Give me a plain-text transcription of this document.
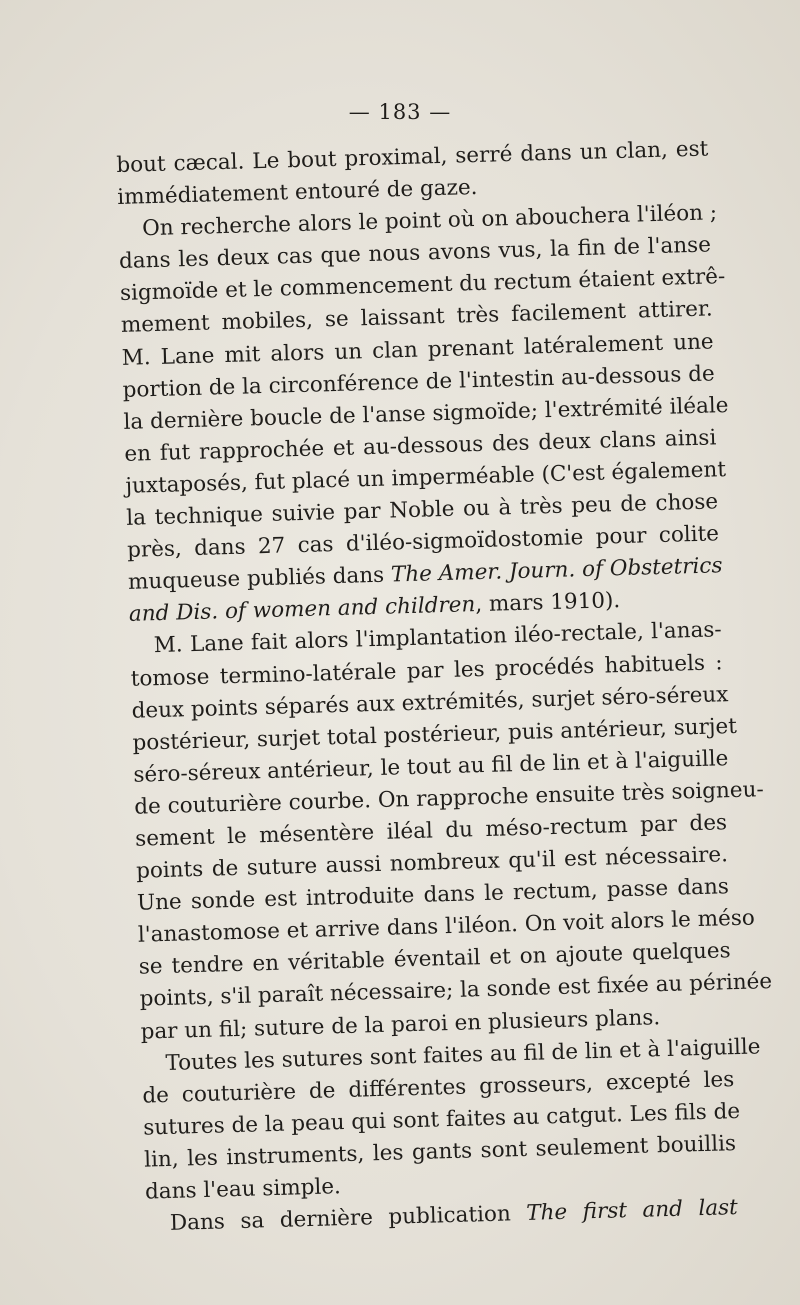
— 183 —
bout cæcal. Le bout proximal, serré dans un clan, est
immédiatement entouré de gaze.
On recherche alors le point où on abouchera l'iléon ;
dans les deux cas que nous avons vus, la fin de l'anse
sigmoïde et le commencement du rectum étaient extrê-
mement mobiles, se laissant très facilement attirer.
M. Lane mit alors un clan prenant latéralement une
portion de la circonférence de l'intestin au-dessous de
la dernière boucle de l'anse sigmoïde; l'extrémité iléale
en fut rapprochée et au-dessous des deux clans ainsi
juxtaposés, fut placé un imperméable (C'est également
la technique suivie par Noble ou à très peu de chose
près, dans 27 cas d'iléo-sigmoïdostomie pour colite
muqueuse publiés dans The Amer. Journ. of Obstetrics
and Dis. of women and children, mars 1910).
M. Lane fait alors l'implantation iléo-rectale, l'anas-
tomose termino-latérale par les procédés habituels :
deux points séparés aux extrémités, surjet séro-séreux
postérieur, surjet total postérieur, puis antérieur, surjet
séro-séreux antérieur, le tout au fil de lin et à l'aiguille
de couturière courbe. On rapproche ensuite très soigneu-
sement le mésentère iléal du méso-rectum par des
points de suture aussi nombreux qu'il est nécessaire.
Une sonde est introduite dans le rectum, passe dans
l'anastomose et arrive dans l'iléon. On voit alors le méso
se tendre en véritable éventail et on ajoute quelques
points, s'il paraît nécessaire; la sonde est fixée au périnée
par un fil; suture de la paroi en plusieurs plans.
Toutes les sutures sont faites au fil de lin et à l'aiguille
de couturière de différentes grosseurs, excepté les
sutures de la peau qui sont faites au catgut. Les fils de
lin, les instruments, les gants sont seulement bouillis
dans l'eau simple.
Dans sa dernière publication The first and last
